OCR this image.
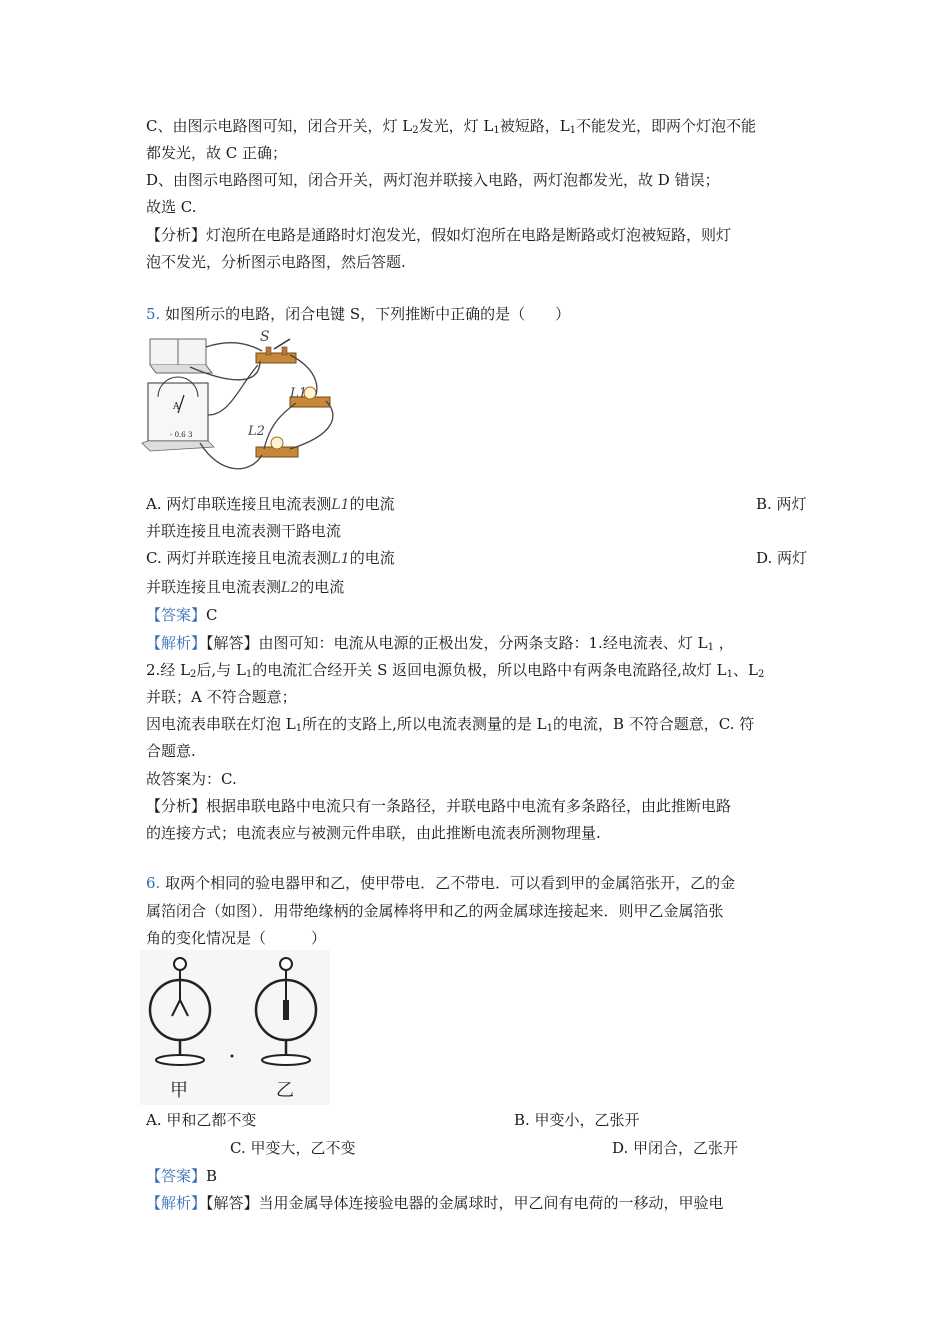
C、由图示电路图可知，闭合开关，灯 $L_2$发光，灯 $L_1$被短路，$L_1$不能发光，即两个灯泡不能
都发光，故 C 正确；
D、由图示电路图可知，闭合开关，两灯泡并联接入电路，两灯泡都发光，故 D 错误；
故选 C.
【分析】灯泡所在电路是通路时灯泡发光，假如灯泡所在电路是断路或灯泡被短路，则灯
泡不发光，分析图示电路图，然后答题.
5. 如图所示的电路，闭合电键 S，下列推断中正确的是（　　）
A
- 0.6 3
S
L1
L2
A. 两灯串联连接且电流表测L1的电流	B. 两灯
并联连接且电流表测干路电流
C. 两灯并联连接且电流表测L1的电流	D. 两灯
并联连接且电流表测L2的电流
【答案】C
【解析】【解答】由图可知：电流从电源的正极出发，分两条支路：1.经电流表、灯 $L_1$ ，
2.经 $L_2$后,与 $L_1$的电流汇合经开关 S 返回电源负极，所以电路中有两条电流路径,故灯 $L_1$、$L_2$
并联；A 不符合题意；
因电流表串联在灯泡 $L_1$所在的支路上,所以电流表测量的是 $L_1$的电流，B 不符合题意，C. 符
合题意.
故答案为：C.
【分析】根据串联电路中电流只有一条路径，并联电路中电流有多条路径，由此推断电路
的连接方式；电流表应与被测元件串联，由此推断电流表所测物理量.
6. 取两个相同的验电器甲和乙，使甲带电．乙不带电．可以看到甲的金属箔张开，乙的金
属箔闭合（如图）．用带绝缘柄的金属棒将甲和乙的两金属球连接起来．则甲乙金属箔张
角的变化情况是（　　　）
甲	乙
A. 甲和乙都不变	B. 甲变小，乙张开
C. 甲变大，乙不变	D. 甲闭合，乙张开
【答案】B
【解析】【解答】当用金属导体连接验电器的金属球时，甲乙间有电荷的一移动，甲验电
